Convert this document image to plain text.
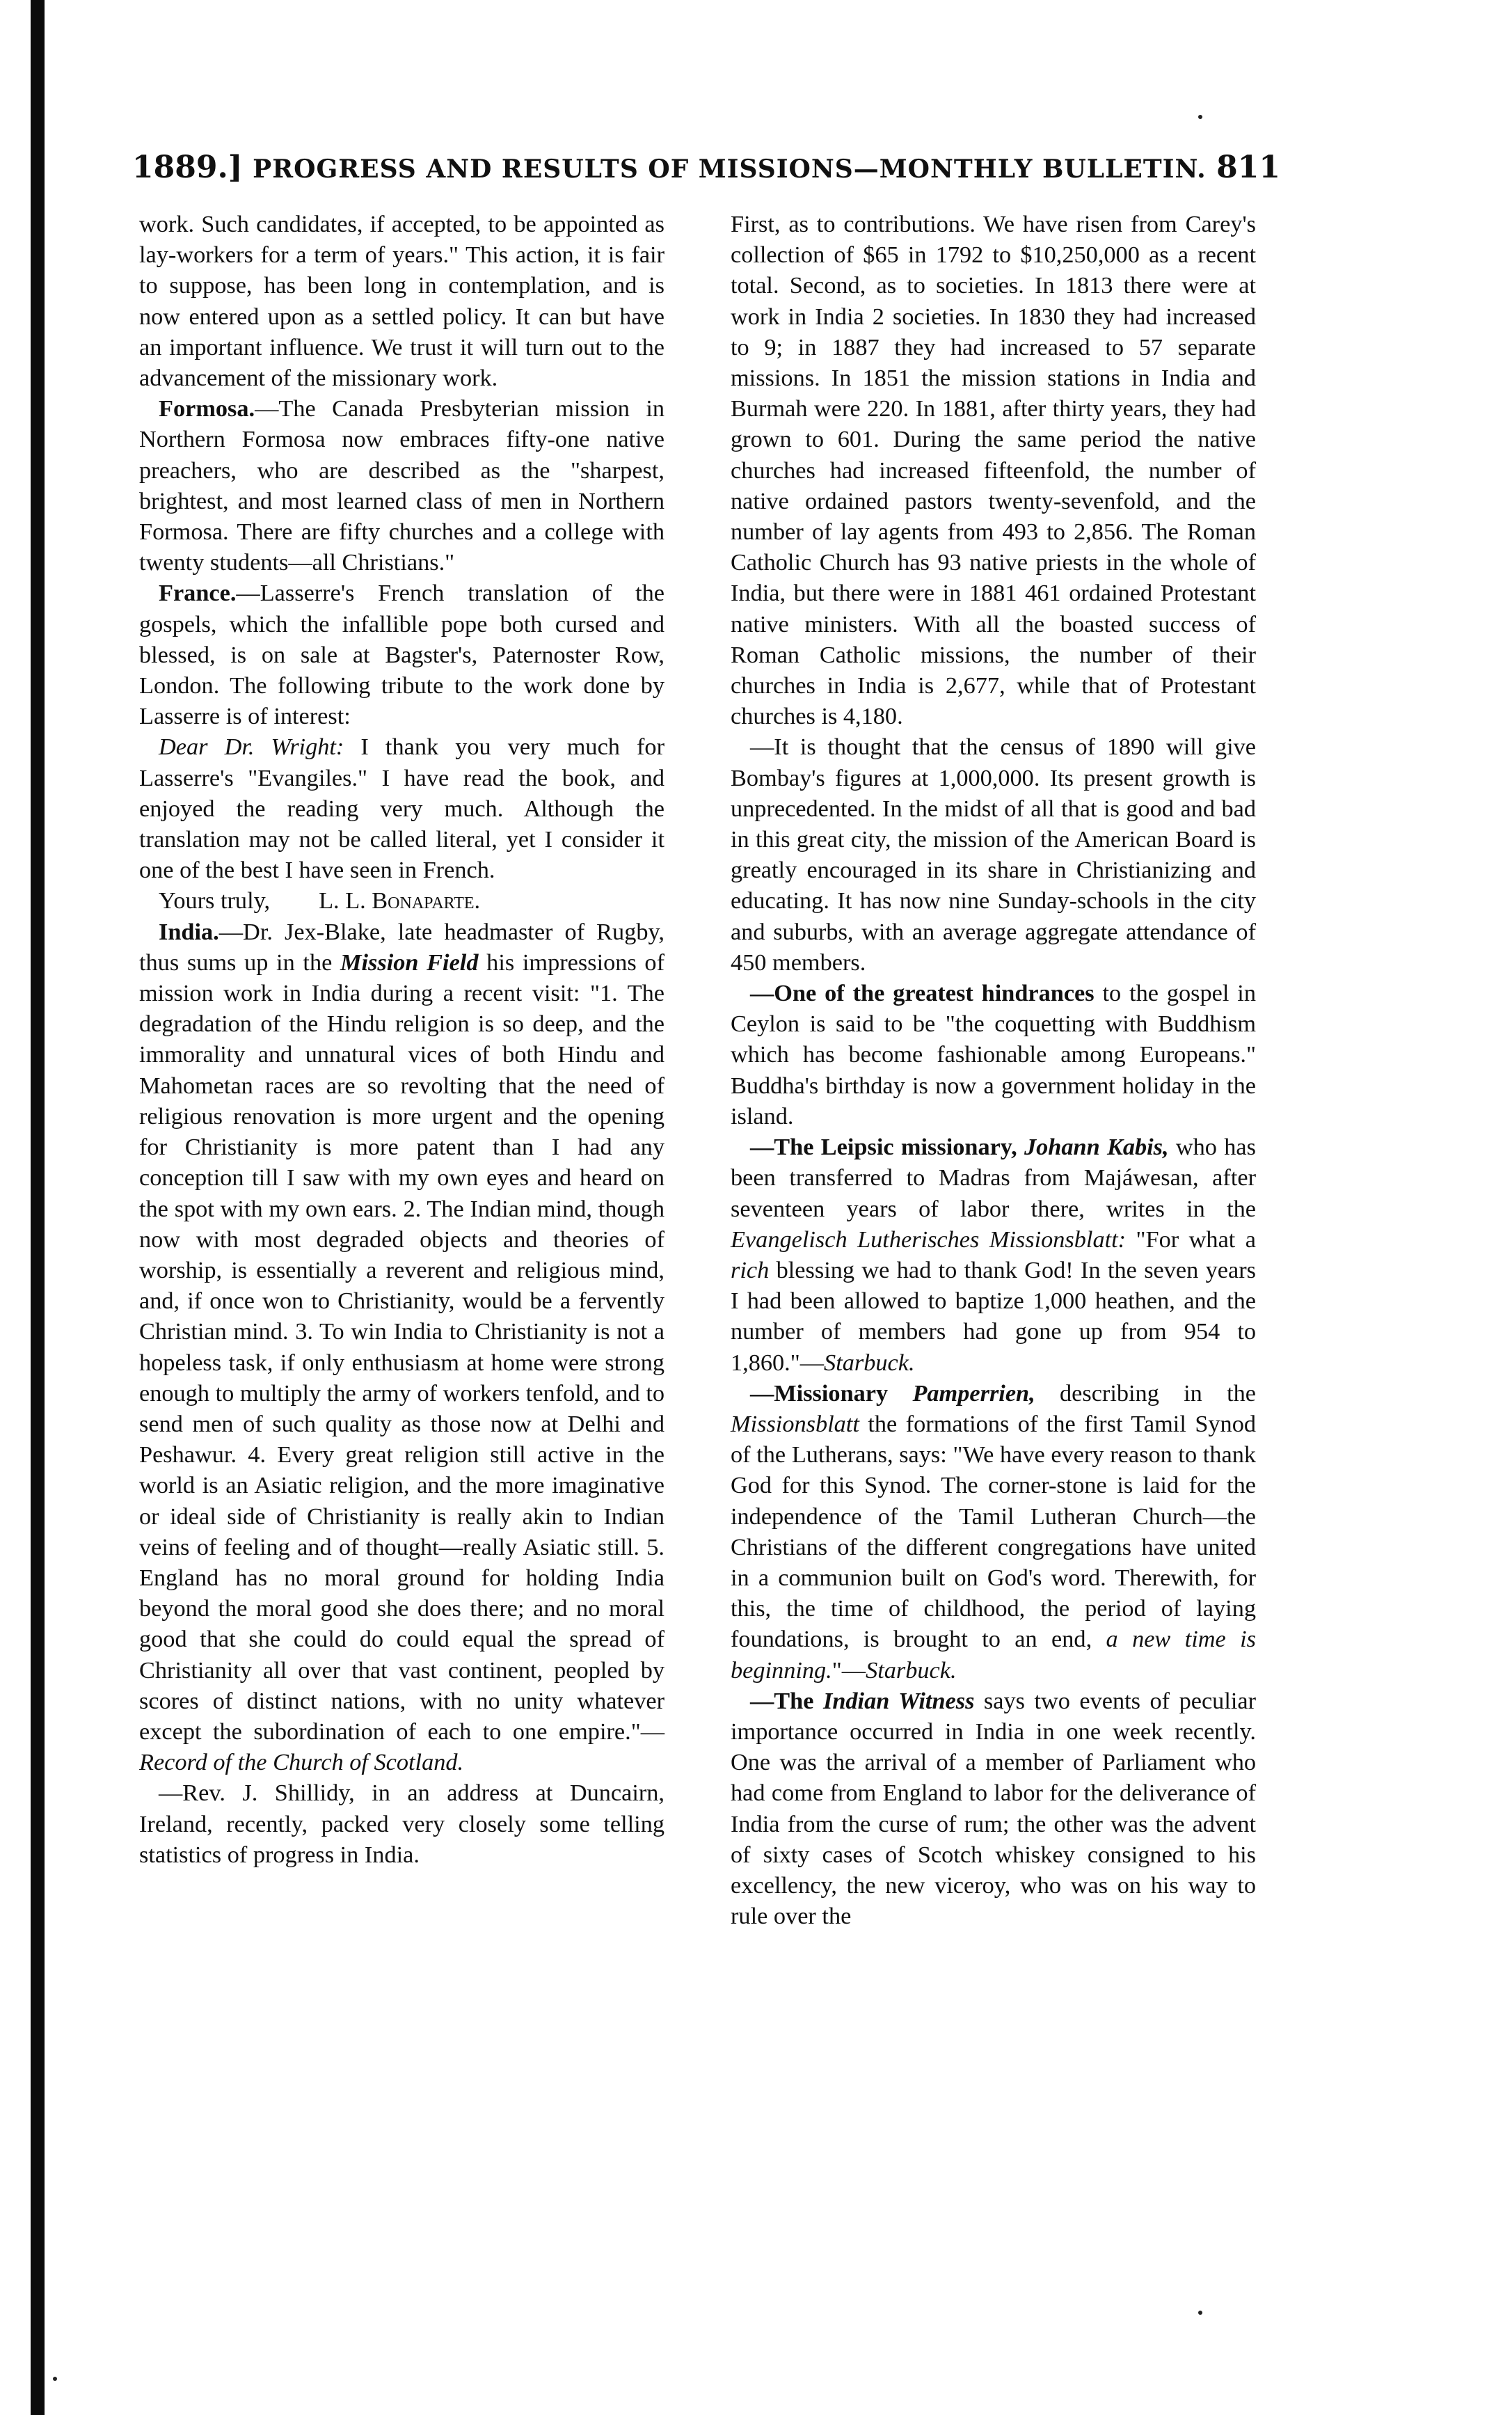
1889.] PROGRESS AND RESULTS OF MISSIONS—MONTHLY BULLETIN. 811

work. Such candidates, if accepted, to be appointed as lay-workers for a term of years." This action, it is fair to suppose, has been long in contemplation, and is now entered upon as a settled policy. It can but have an important influence. We trust it will turn out to the advancement of the missionary work.

Formosa.—The Canada Presbyterian mission in Northern Formosa now embraces fifty-one native preachers, who are described as the "sharpest, brightest, and most learned class of men in Northern Formosa. There are fifty churches and a college with twenty students—all Christians."

France.—Lasserre's French translation of the gospels, which the infallible pope both cursed and blessed, is on sale at Bagster's, Paternoster Row, London. The following tribute to the work done by Lasserre is of interest:

Dear Dr. Wright: I thank you very much for Lasserre's "Evangiles." I have read the book, and enjoyed the reading very much. Although the translation may not be called literal, yet I consider it one of the best I have seen in French.

Yours truly, L. L. Bonaparte.

India.—Dr. Jex-Blake, late headmaster of Rugby, thus sums up in the Mission Field his impressions of mission work in India during a recent visit: "1. The degradation of the Hindu religion is so deep, and the immorality and unnatural vices of both Hindu and Mahometan races are so revolting that the need of religious renovation is more urgent and the opening for Christianity is more patent than I had any conception till I saw with my own eyes and heard on the spot with my own ears. 2. The Indian mind, though now with most degraded objects and theories of worship, is essentially a reverent and religious mind, and, if once won to Christianity, would be a fervently Christian mind. 3. To win India to Christianity is not a hopeless task, if only enthusiasm at home were strong enough to multiply the army of workers tenfold, and to send men of such quality as those now at Delhi and Peshawur. 4. Every great religion still active in the world is an Asiatic religion, and the more imaginative or ideal side of Christianity is really akin to Indian veins of feeling and of thought—really Asiatic still. 5. England has no moral ground for holding India beyond the moral good she does there; and no moral good that she could do could equal the spread of Christianity all over that vast continent, peopled by scores of distinct nations, with no unity whatever except the subordination of each to one empire."—Record of the Church of Scotland.

—Rev. J. Shillidy, in an address at Duncairn, Ireland, recently, packed very closely some telling statistics of progress in India.

First, as to contributions. We have risen from Carey's collection of $65 in 1792 to $10,250,000 as a recent total. Second, as to societies. In 1813 there were at work in India 2 societies. In 1830 they had increased to 9; in 1887 they had increased to 57 separate missions. In 1851 the mission stations in India and Burmah were 220. In 1881, after thirty years, they had grown to 601. During the same period the native churches had increased fifteenfold, the number of native ordained pastors twenty-sevenfold, and the number of lay agents from 493 to 2,856. The Roman Catholic Church has 93 native priests in the whole of India, but there were in 1881 461 ordained Protestant native ministers. With all the boasted success of Roman Catholic missions, the number of their churches in India is 2,677, while that of Protestant churches is 4,180.

—It is thought that the census of 1890 will give Bombay's figures at 1,000,000. Its present growth is unprecedented. In the midst of all that is good and bad in this great city, the mission of the American Board is greatly encouraged in its share in Christianizing and educating. It has now nine Sunday-schools in the city and suburbs, with an average aggregate attendance of 450 members.

—One of the greatest hindrances to the gospel in Ceylon is said to be "the coquetting with Buddhism which has become fashionable among Europeans." Buddha's birthday is now a government holiday in the island.

—The Leipsic missionary, Johann Kabis, who has been transferred to Madras from Majáwesan, after seventeen years of labor there, writes in the Evangelisch Lutherisches Missionsblatt: "For what a rich blessing we had to thank God! In the seven years I had been allowed to baptize 1,000 heathen, and the number of members had gone up from 954 to 1,860."—Starbuck.

—Missionary Pamperrien, describing in the Missionsblatt the formations of the first Tamil Synod of the Lutherans, says: "We have every reason to thank God for this Synod. The corner-stone is laid for the independence of the Tamil Lutheran Church—the Christians of the different congregations have united in a communion built on God's word. Therewith, for this, the time of childhood, the period of laying foundations, is brought to an end, a new time is beginning."—Starbuck.

—The Indian Witness says two events of peculiar importance occurred in India in one week recently. One was the arrival of a member of Parliament who had come from England to labor for the deliverance of India from the curse of rum; the other was the advent of sixty cases of Scotch whiskey consigned to his excellency, the new viceroy, who was on his way to rule over the
